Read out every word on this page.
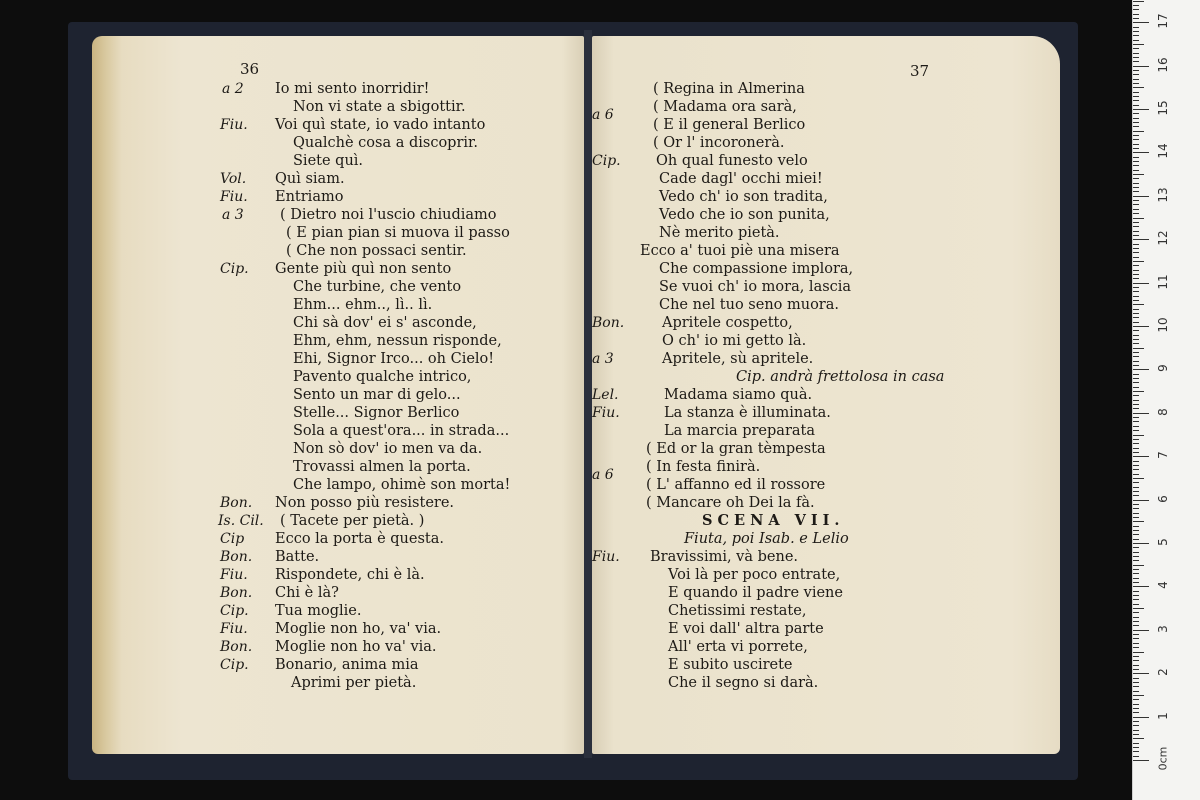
36
a 2 Io mi sento inorridir!
Non vi state a sbigottir.
Fiu. Voi quì state, io vado intanto
Qualchè cosa a discoprir.
Siete quì.
Vol. Quì siam.
Fiu. Entriamo
a 3	( Dietro noi l'uscio chiudiamo
( E pian pian si muova il passo
( Che non possaci sentir.
Cip. Gente più quì non sento
Che turbine, che vento
Ehm... ehm.., lì.. lì.
Chi sà dov' ei s' asconde,
Ehm, ehm, nessun risponde,
Ehi, Signor Irco... oh Cielo!
Pavento qualche intrico,
Sento un mar di gelo...
Stelle... Signor Berlico
Sola a quest'ora... in strada...
Non sò dov' io men va da.
Trovassi almen la porta.
Che lampo, ohimè son morta!
Bon. Non posso più resistere.
Is. Cil. ( Tacete per pietà. )
Cip Ecco la porta è questa.
Bon. Batte.
Fiu. Rispondete, chi è là.
Bon. Chi è là?
Cip. Tua moglie.
Fiu. Moglie non ho, va' via.
Bon. Moglie non ho va' via.
Cip. Bonario, anima mia
Aprimi per pietà.
37
( Regina in Almerina
a 6	( Madama ora sarà,
( E il general Berlico
( Or l' incoronerà.
Cip. Oh qual funesto velo
Cade dagl' occhi miei!
Vedo ch' io son tradita,
Vedo che io son punita,
Nè merito pietà.
Ecco a' tuoi piè una misera
Che compassione implora,
Se vuoi ch' io mora, lascia
Che nel tuo seno muora.
Bon.	Apritele cospetto,
O ch' io mi getto là.
a 3	Apritele, sù apritele.
Cip. andrà frettolosa in casa
Lel.	Madama siamo quà.
Fiu.	La stanza è illuminata.
La marcia preparata
( Ed or la gran tèmpesta
a 6 ( In festa finirà.
( L' affanno ed il rossore
( Mancare oh Dei la fà.
SCENA VII.
Fiuta, poi Isab. e Lelio
Fiu. Bravissimi, và bene.
Voi là per poco entrate,
E quando il padre viene
Chetissimi restate,
E voi dall' altra parte
All' erta vi porrete,
E subito uscirete
Che il segno si darà.
0cm
1
2
3
4
5
6
7
8
9
10
11
12
13
14
15
16
17
